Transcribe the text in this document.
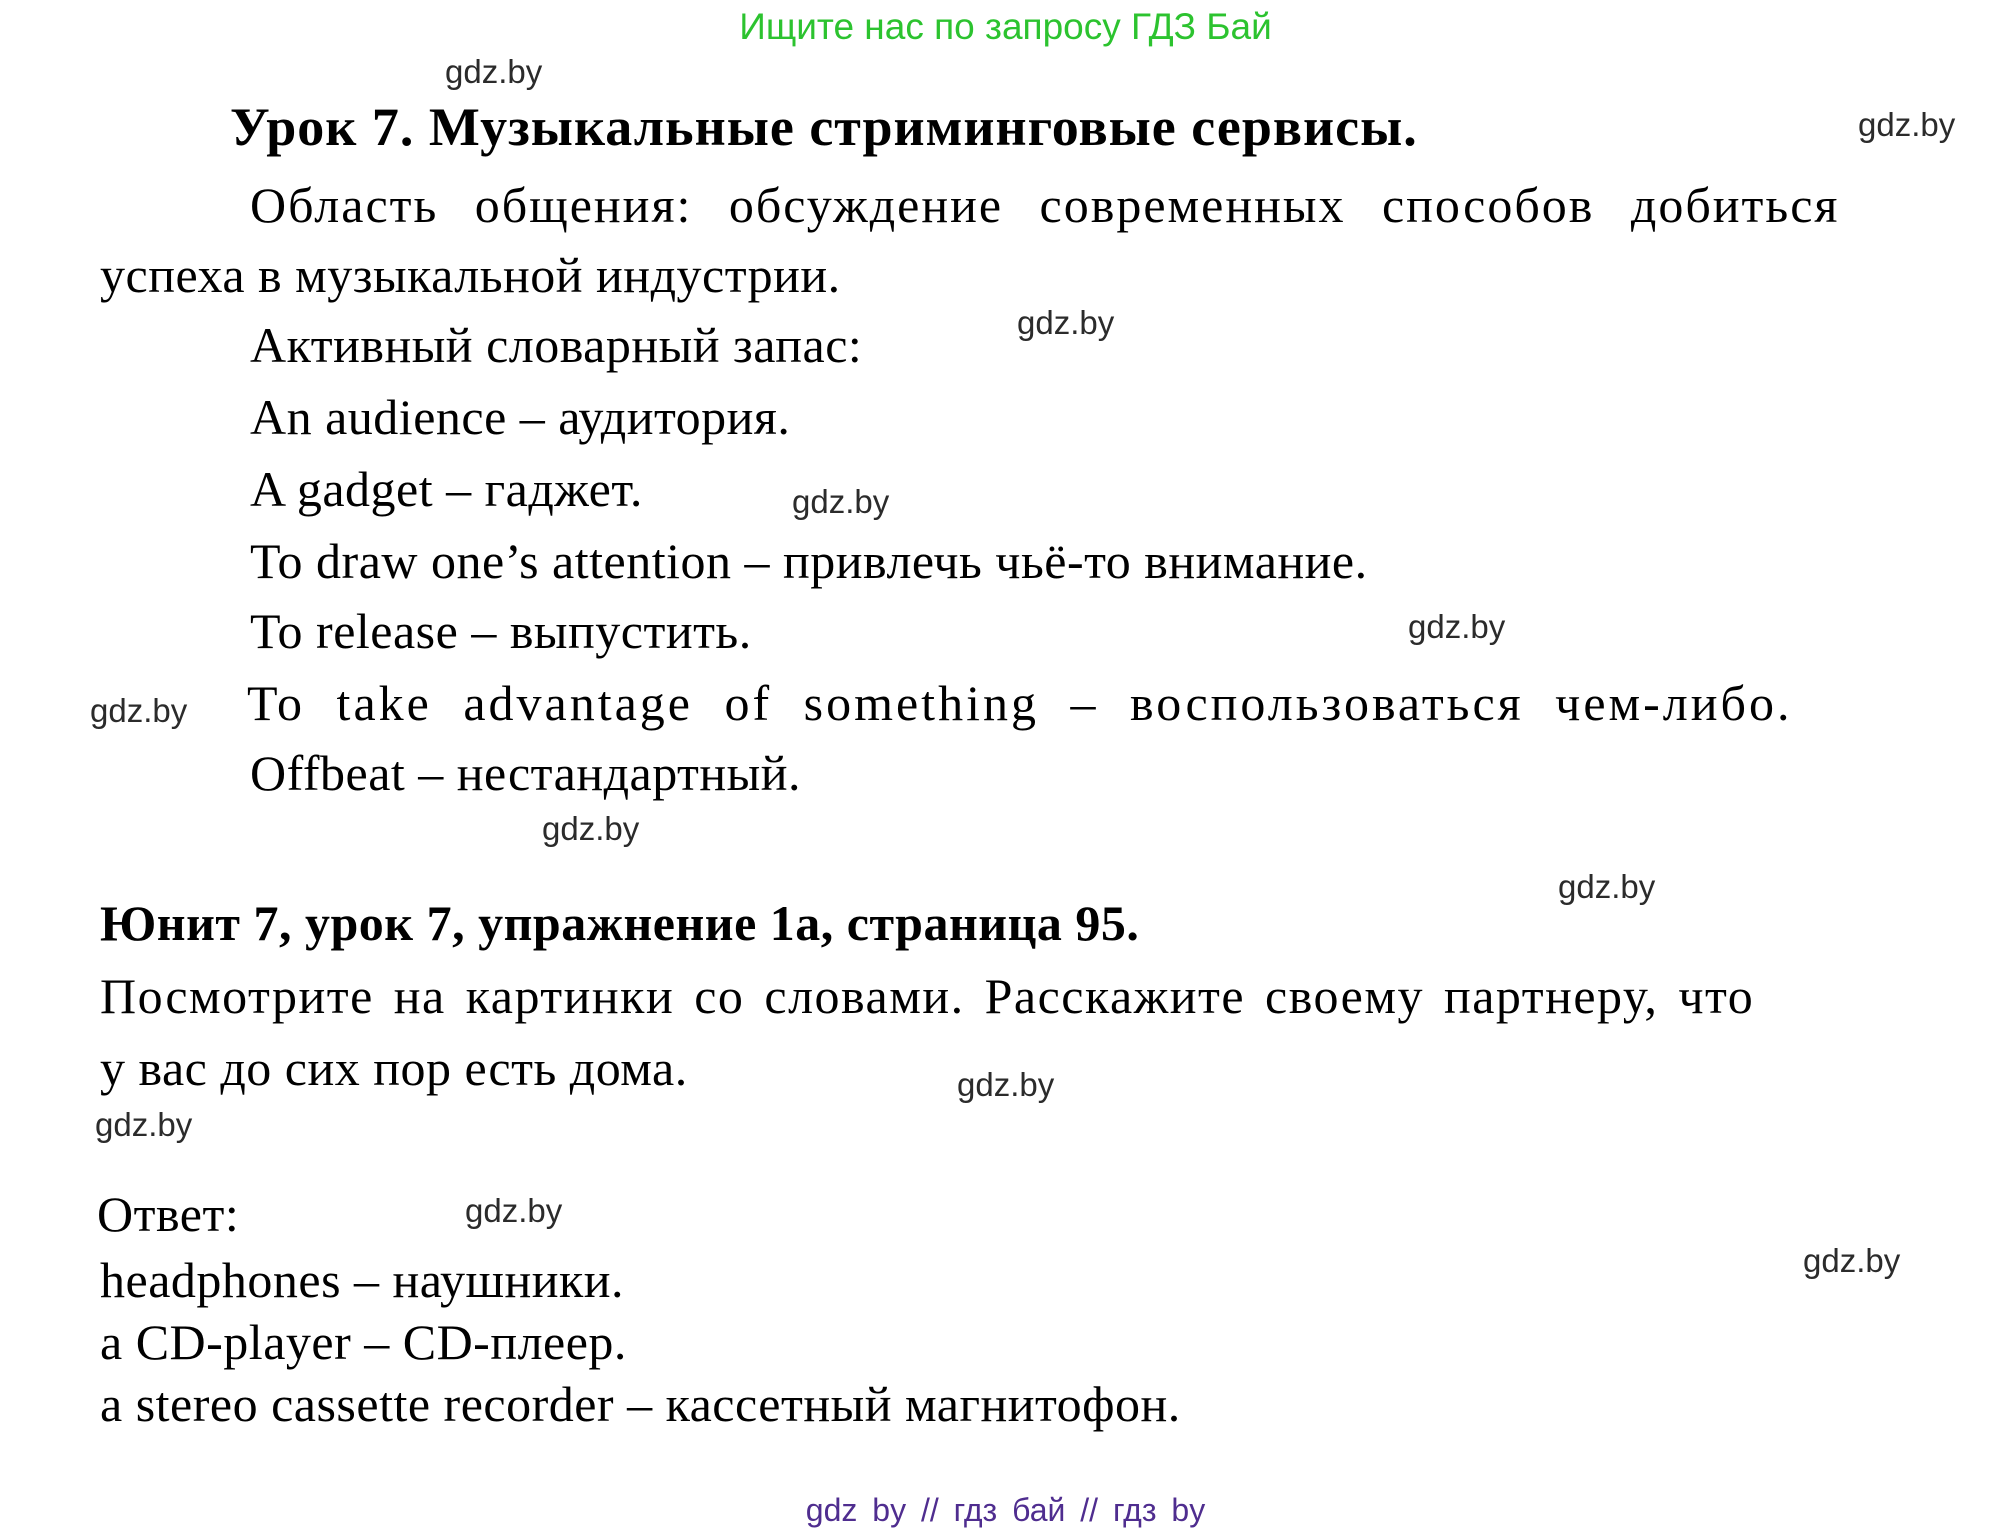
Ищите нас по запросу ГДЗ Бай
gdz.by
gdz.by
gdz.by
gdz.by
gdz.by
gdz.by
gdz.by
gdz.by
gdz.by
gdz.by
gdz.by
gdz.by
Урок 7. Музыкальные стриминговые сервисы.
Область общения: обсуждение современных способов добиться
успеха в музыкальной индустрии.
Активный словарный запас:
An audience – аудитория.
A gadget – гаджет.
To draw one’s attention – привлечь чьё-то внимание.
To release – выпустить.
To take advantage of something – воспользоваться чем-либо.
Offbeat – нестандартный.
Юнит 7, урок 7, упражнение 1a, страница 95.
Посмотрите на картинки со словами. Расскажите своему партнеру, что
у вас до сих пор есть дома.
Ответ:
headphones – наушники.
a CD-player – CD-плеер.
a stereo cassette recorder – кассетный магнитофон.
gdz by // гдз бай // гдз by
